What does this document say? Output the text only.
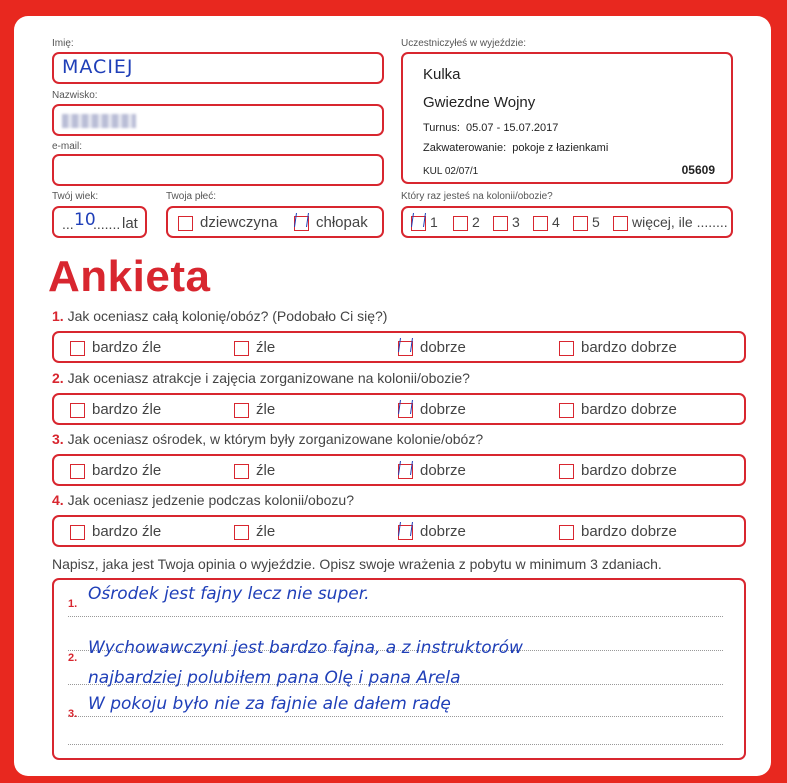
Imię:
MACIEJ
Nazwisko:
e-mail:
Twój wiek:
... 10
....... lat
Twoja płeć:
dziewczyna	chłopak
Uczestniczyłeś w wyjeździe:
Kulka
Gwiezdne Wojny
Turnus: 05.07 - 15.07.2017
Zakwaterowanie: pokoje z łazienkami
KUL 02/07/1	05609
Który raz jesteś na kolonii/obozie?
1	2	3	4	5	więcej, ile ........
Ankieta
1. Jak oceniasz całą kolonię/obóz? (Podobało Ci się?)
bardzo źle	źle	dobrze	bardzo dobrze
2. Jak oceniasz atrakcje i zajęcia zorganizowane na kolonii/obozie?
bardzo źle	źle	dobrze	bardzo dobrze
3. Jak oceniasz ośrodek, w którym były zorganizowane kolonie/obóz?
bardzo źle	źle	dobrze	bardzo dobrze
4. Jak oceniasz jedzenie podczas kolonii/obozu?
bardzo źle	źle	dobrze	bardzo dobrze
Napisz, jaka jest Twoja opinia o wyjeździe. Opisz swoje wrażenia z pobytu w minimum 3 zdaniach.
1. Ośrodek jest fajny lecz nie super.
2. Wychowawczyni jest bardzo fajna, a z instruktorów
najbardziej polubiłem pana Olę i pana Arela
3. W pokoju było nie za fajnie ale dałem radę
